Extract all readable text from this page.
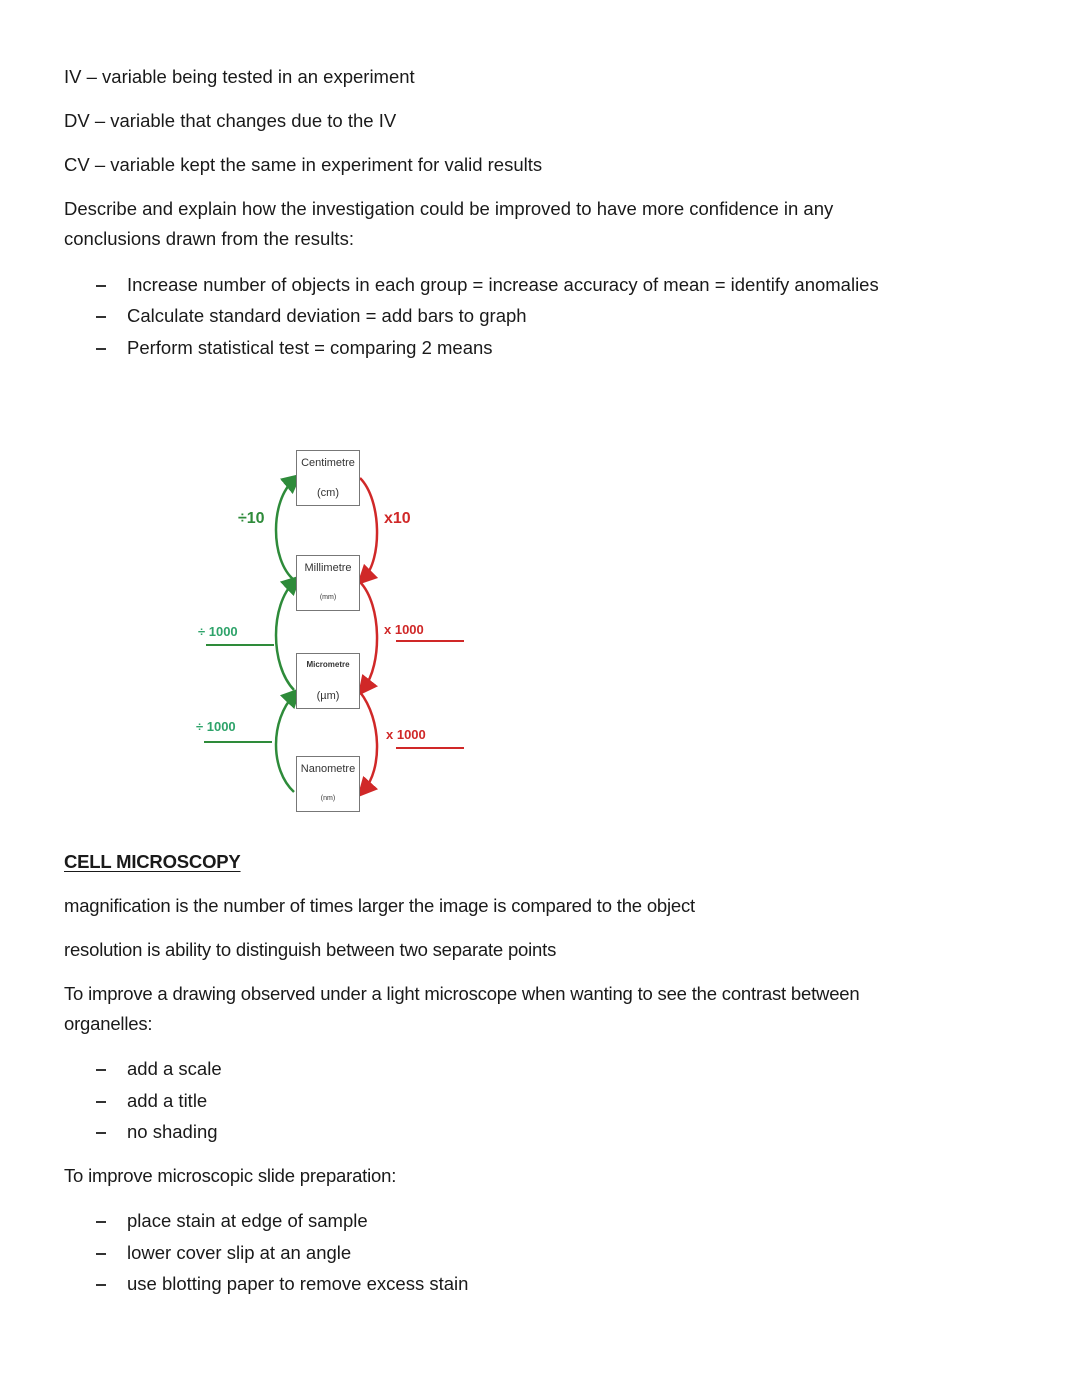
IV – variable being tested in an experiment
DV – variable that changes due to the IV
CV – variable kept the same in experiment for valid results
Describe and explain how the investigation could be improved to have more confidence in any
conclusions drawn from the results:
Increase number of objects in each group = increase accuracy of mean = identify anomalies
Calculate standard deviation = add bars to graph
Perform statistical test = comparing 2 means
Centimetre
(cm)
Millimetre
(mm)
Micrometre
(µm)
Nanometre
(nm)
÷10
÷ 1000
÷ 1000
x10
x 1000
x 1000
CELL MICROSCOPY
magnification is the number of times larger the image is compared to the object
resolution is ability to distinguish between two separate points
To improve a drawing observed under a light microscope when wanting to see the contrast between
organelles:
add a scale
add a title
no shading
To improve microscopic slide preparation:
place stain at edge of sample
lower cover slip at an angle
use blotting paper to remove excess stain
